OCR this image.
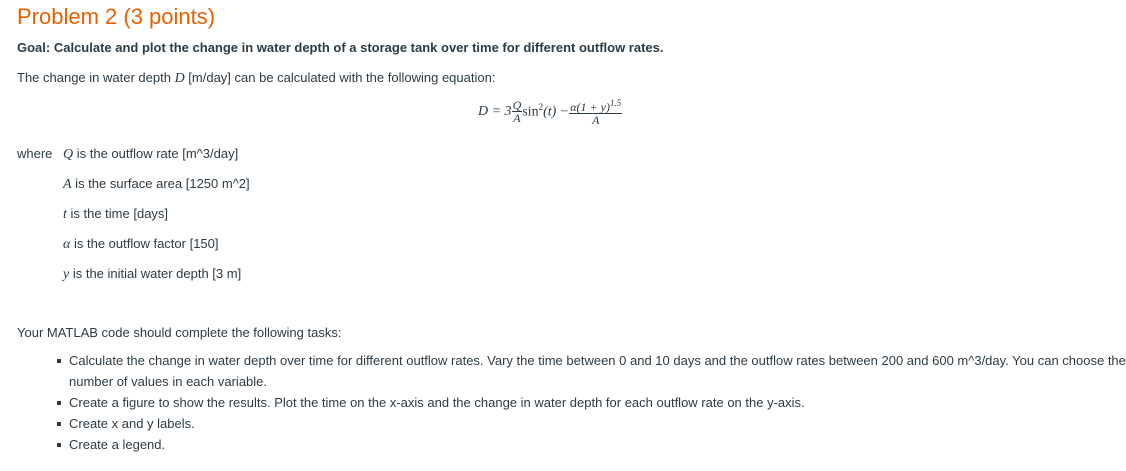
Problem 2 (3 points)
Goal: Calculate and plot the change in water depth of a storage tank over time for different outflow rates.
The change in water depth D [m/day] can be calculated with the following equation:
$D = 3 \frac{Q}{A} \sin^2(t) - \frac{\alpha(1 + y)^{1.5}}{A}$
where Q is the outflow rate [m^3/day]
A is the surface area [1250 m^2]
t is the time [days]
α is the outflow factor [150]
y is the initial water depth [3 m]
Your MATLAB code should complete the following tasks:
Calculate the change in water depth over time for different outflow rates. Vary the time between 0 and 10 days and the outflow rates between 200 and 600 m^3/day. You can choose the number of values in each variable.
Create a figure to show the results. Plot the time on the x-axis and the change in water depth for each outflow rate on the y-axis.
Create x and y labels.
Create a legend.
